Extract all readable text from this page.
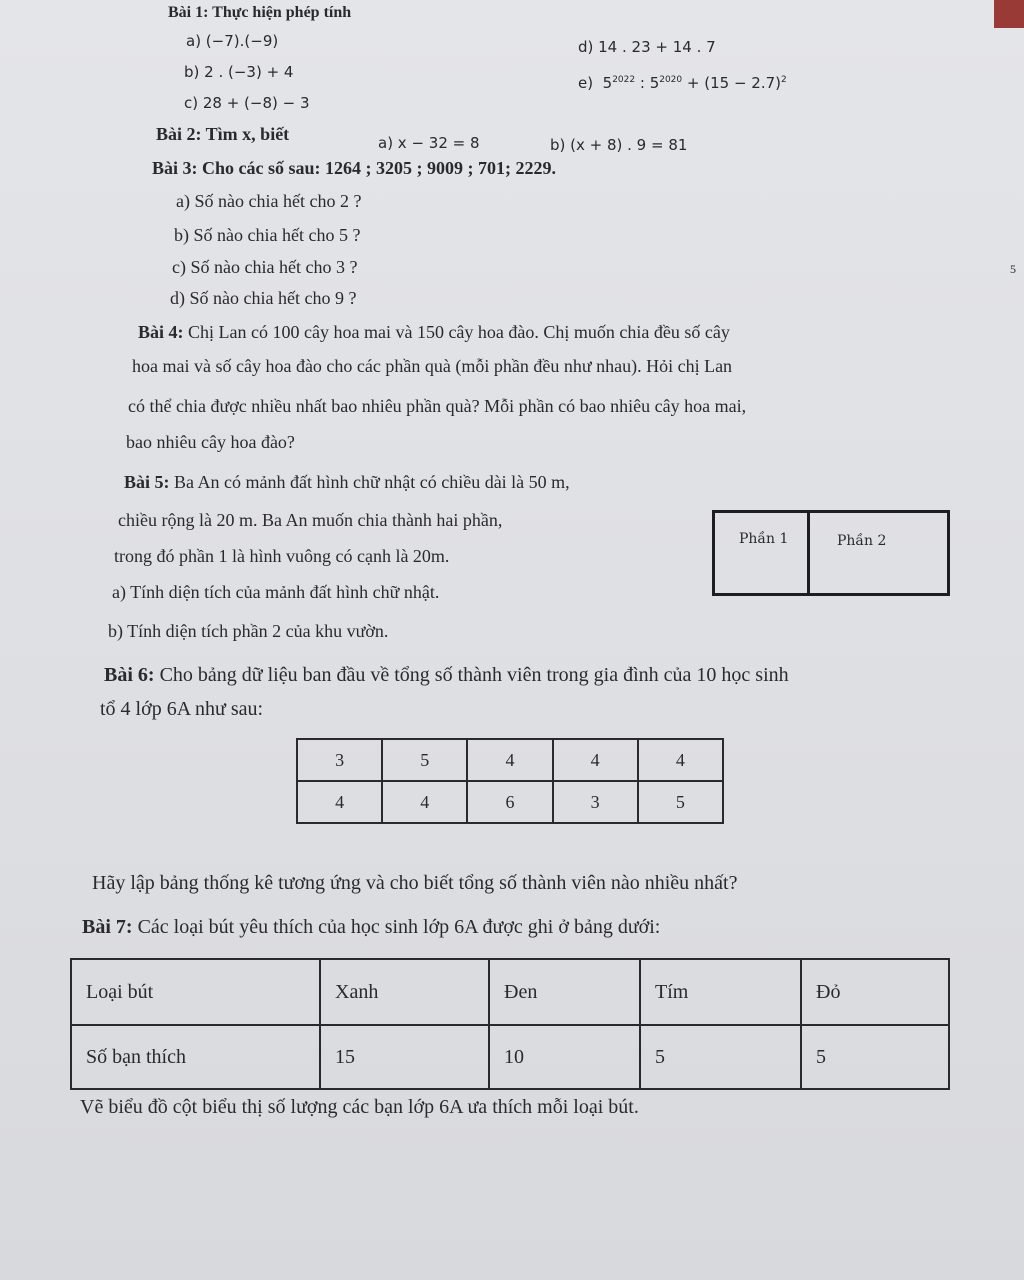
Bài 1: Thực hiện phép tính
a) (−7).(−9)
b) 2 . (−3) + 4
c) 28 + (−8) − 3
d) 14 . 23 + 14 . 7
e) $5^{2022}$ : $5^{2020} + (15 - 2.7)^2$
Bài 2: Tìm x, biết	a) x − 32 = 8	b) (x + 8) . 9 = 81
Bài 3: Cho các số sau: 1264 ; 3205 ; 9009 ; 701; 2229.
a) Số nào chia hết cho 2 ?
b) Số nào chia hết cho 5 ?
c) Số nào chia hết cho 3 ?
d) Số nào chia hết cho 9 ?
Bài 4: Chị Lan có 100 cây hoa mai và 150 cây hoa đào. Chị muốn chia đều số cây
hoa mai và số cây hoa đào cho các phần quà (mỗi phần đều như nhau). Hỏi chị Lan
có thể chia được nhiều nhất bao nhiêu phần quà? Mỗi phần có bao nhiêu cây hoa mai,
bao nhiêu cây hoa đào?
Bài 5: Ba An có mảnh đất hình chữ nhật có chiều dài là 50 m,
chiều rộng là 20 m. Ba An muốn chia thành hai phần,
trong đó phần 1 là hình vuông có cạnh là 20m.
a) Tính diện tích của mảnh đất hình chữ nhật.
b) Tính diện tích phần 2 của khu vườn.
Phần 1	Phần 2
Bài 6: Cho bảng dữ liệu ban đầu về tổng số thành viên trong gia đình của 10 học sinh
tổ 4 lớp 6A như sau:
3	5	4	4	4
4	4	6	3	5
Hãy lập bảng thống kê tương ứng và cho biết tổng số thành viên nào nhiều nhất?
Bài 7: Các loại bút yêu thích của học sinh lớp 6A được ghi ở bảng dưới:
Loại bút	Xanh	Đen	Tím	Đỏ
Số bạn thích	15	10	5	5
Vẽ biểu đồ cột biểu thị số lượng các bạn lớp 6A ưa thích mỗi loại bút.
5
